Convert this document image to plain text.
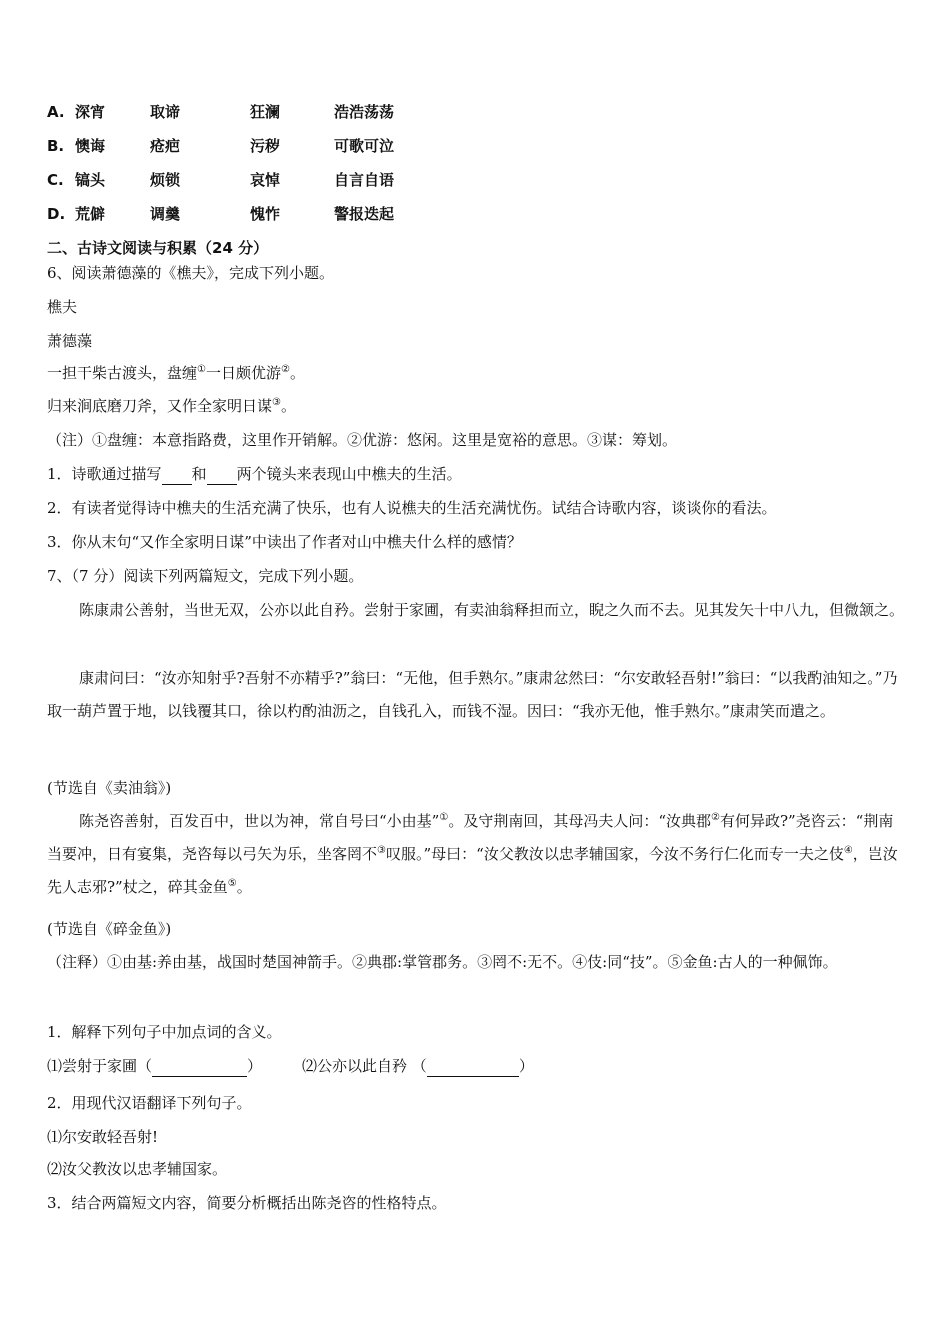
A. 深宵	取谛	狂澜	浩浩荡荡
B. 懊诲	疮疤	污秽	可歌可泣
C. 镐头	烦锁	哀悼	自言自语
D. 荒僻	调羹	愧怍	警报迭起
二、古诗文阅读与积累（24 分）
6、阅读萧德藻的《樵夫》，完成下列小题。
樵夫
萧德藻
一担干柴古渡头，盘缠①一日颇优游②。
归来涧底磨刀斧，又作全家明日谋③。
（注）①盘缠：本意指路费，这里作开销解。②优游：悠闲。这里是宽裕的意思。③谋：筹划。
1．诗歌通过描写 和 两个镜头来表现山中樵夫的生活。
2．有读者觉得诗中樵夫的生活充满了快乐，也有人说樵夫的生活充满忧伤。试结合诗歌内容，谈谈你的看法。
3．你从末句“又作全家明日谋”中读出了作者对山中樵夫什么样的感情？
7、（7 分）阅读下列两篇短文，完成下列小题。
陈康肃公善射，当世无双，公亦以此自矜。尝射于家圃，有卖油翁释担而立，睨之久而不去。见其发矢十中八九，但微颔之。
康肃问曰：“汝亦知射乎?吾射不亦精乎?”翁曰：“无他，但手熟尔。”康肃忿然曰：“尔安敢轻吾射!”翁曰：“以我酌油知之。”乃取一葫芦置于地，以钱覆其口，徐以杓酌油沥之，自钱孔入，而钱不湿。因曰：“我亦无他，惟手熟尔。”康肃笑而遣之。
(节选自《卖油翁》)
陈尧咨善射，百发百中，世以为神，常自号曰“小由基”①。及守荆南回，其母冯夫人问：“汝典郡②有何异政?”尧咨云：“荆南当要冲，日有宴集，尧咨每以弓矢为乐，坐客罔不③叹服。”母曰：“汝父教汝以忠孝辅国家，今汝不务行仁化而专一夫之伎④，岂汝先人志邪?”杖之，碎其金鱼⑤。
(节选自《碎金鱼》)
（注释）①由基:养由基，战国时楚国神箭手。②典郡:掌管郡务。③罔不:无不。④伎:同“技”。⑤金鱼:古人的一种佩饰。
1．解释下列句子中加点词的含义。
⑴尝射于家圃（	）	⑵公亦以此自矜 （	）
2．用现代汉语翻译下列句子。
⑴尔安敢轻吾射!
⑵汝父教汝以忠孝辅国家。
3．结合两篇短文内容，简要分析概括出陈尧咨的性格特点。
